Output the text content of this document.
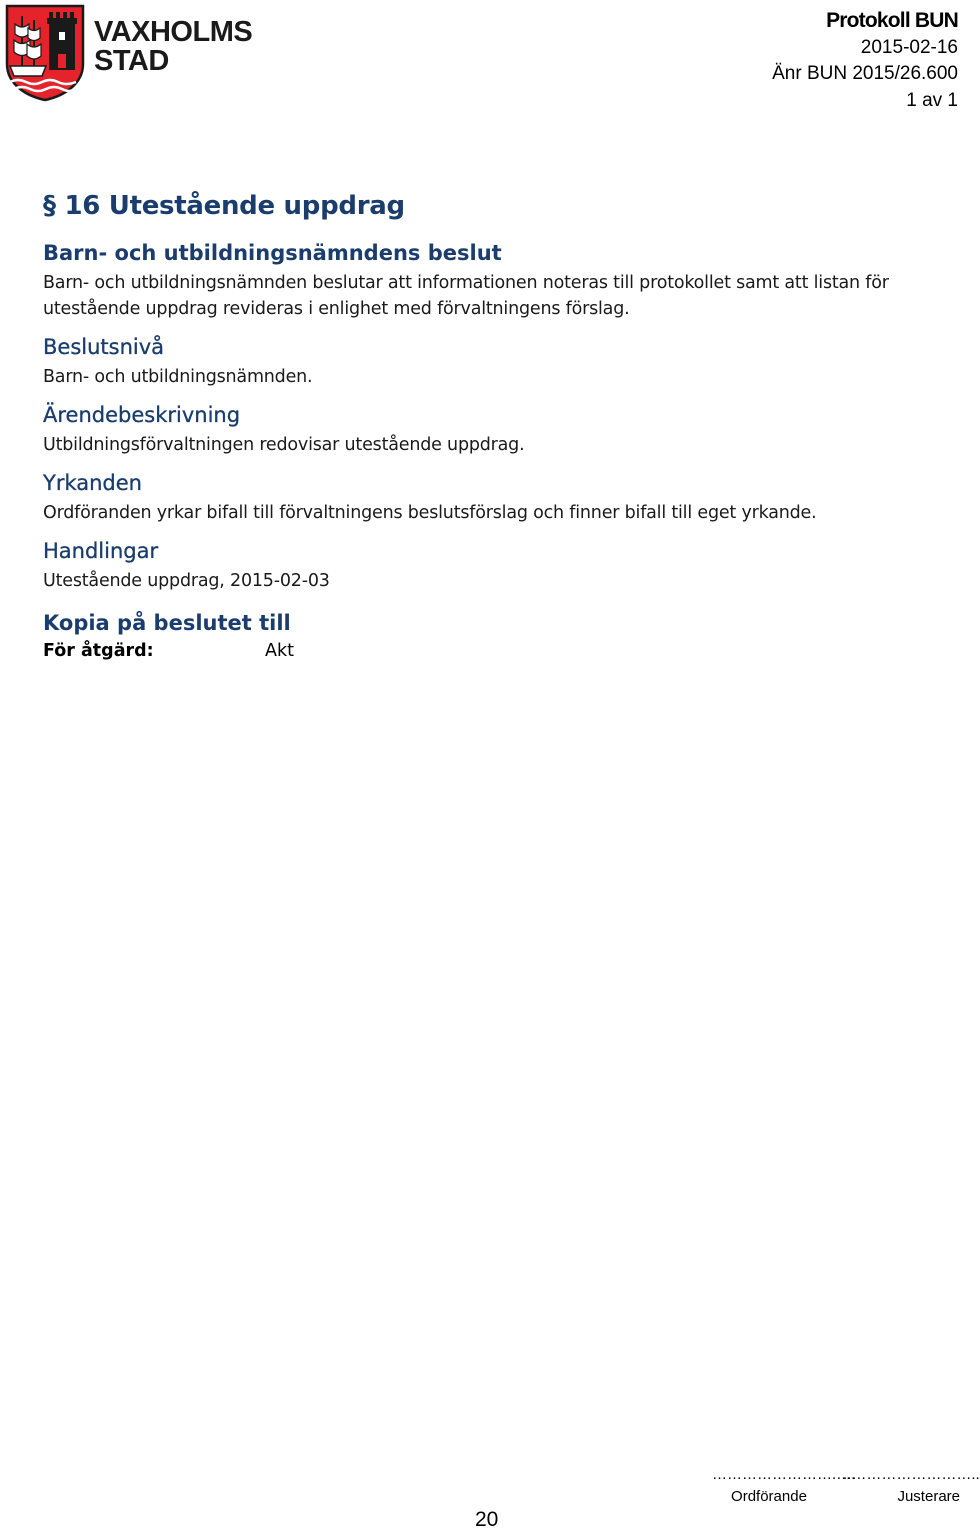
VAXHOLMS
STAD
Protokoll BUN
2015-02-16
Änr BUN 2015/26.600
1 av 1
§ 16 Utestående uppdrag
Barn- och utbildningsnämndens beslut
Barn- och utbildningsnämnden beslutar att informationen noteras till protokollet samt att listan för utestående uppdrag revideras i enlighet med förvaltningens förslag.
Beslutsnivå
Barn- och utbildningsnämnden.
Ärendebeskrivning
Utbildningsförvaltningen redovisar utestående uppdrag.
Yrkanden
Ordföranden yrkar bifall till förvaltningens beslutsförslag och finner bifall till eget yrkande.
Handlingar
Utestående uppdrag, 2015-02-03
Kopia på beslutet till
För åtgärd:	Akt
…………………….….
Ordförande
..……………………..
Justerare
20
